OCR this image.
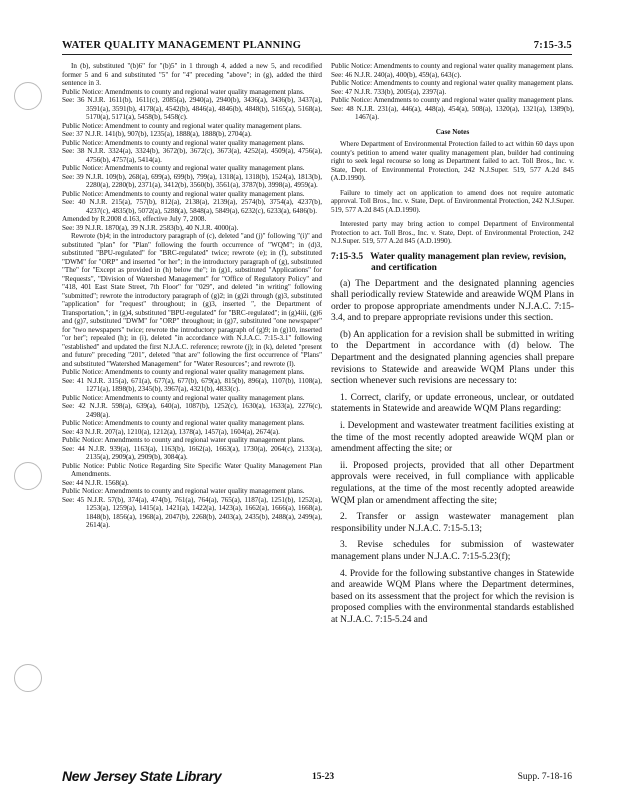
WATER QUALITY MANAGEMENT PLANNING	7:15-3.5

In (b), substituted "(b)6" for "(b)5" in 1 through 4, added a new 5, and recodified former 5 and 6 and substituted "5" for "4" preceding "above"; in (g), added the third sentence in 3.

Public Notice: Amendments to county and regional water quality management plans.

See: 36 N.J.R. 1611(b), 1611(c), 2085(a), 2940(a), 2940(b), 3436(a), 3436(b), 3437(a), 3591(a), 3591(b), 4178(a), 4542(b), 4846(a), 4846(b), 4848(b), 5165(a), 5168(a), 5170(a), 5171(a), 5458(b), 5458(c).

Public Notice: Amendment to county and regional water quality management plans.

See: 37 N.J.R. 141(b), 907(b), 1235(a), 1888(a), 1888(b), 2704(a).

Public Notice: Amendments to county and regional water quality management plans.

See: 38 N.J.R. 3324(a), 3324(b), 3672(b), 3672(c), 3673(a), 4252(a), 4509(a), 4756(a), 4756(b), 4757(a), 5414(a).

Public Notice: Amendments to county and regional water quality management plans.

See: 39 N.J.R. 109(b), 268(a), 699(a), 699(b), 799(a), 1318(a), 1318(b), 1524(a), 1813(b), 2280(a), 2280(b), 2371(a), 3412(b), 3560(b), 3561(a), 3787(b), 3998(a), 4959(a).

Public Notice: Amendments to county and regional water quality management plans.

See: 40 N.J.R. 215(a), 757(b), 812(a), 2138(a), 2139(a), 2574(b), 3754(a), 4237(b), 4237(c), 4835(b), 5072(a), 5288(a), 5848(a), 5849(a), 6232(c), 6233(a), 6486(b).

Amended by R.2008 d.163, effective July 7, 2008.

See: 39 N.J.R. 1870(a), 39 N.J.R. 2583(b), 40 N.J.R. 4000(a).

Rewrote (b)4; in the introductory paragraph of (c), deleted "and (j)" following "(i)" and substituted "plan" for "Plan" following the fourth occurrence of "WQM"; in (d)3, substituted "BPU-regulated" for "BRC-regulated" twice; rewrote (e); in (f), substituted "DWM" for "ORP" and inserted "or her"; in the introductory paragraph of (g), substituted "The" for "Except as provided in (h) below the"; in (g)1, substituted "Applications" for "Requests", "Division of Watershed Management" for "Office of Regulatory Policy" and "418, 401 East State Street, 7th Floor" for "029", and deleted "in writing" following "submitted"; rewrote the introductory paragraph of (g)2; in (g)2i through (g)3, substituted "application" for "request" throughout; in (g)3, inserted ", the Department of Transportation,"; in (g)4, substituted "BPU-regulated" for "BRC-regulated"; in (g)4iii, (g)6 and (g)7, substituted "DWM" for "ORP" throughout; in (g)7, substituted "one newspaper" for "two newspapers" twice; rewrote the introductory paragraph of (g)9; in (g)10, inserted "or her"; repealed (h); in (i), deleted "in accordance with N.J.A.C. 7:15-3.1" following "established" and updated the first N.J.A.C. reference; rewrote (j); in (k), deleted "present and future" preceding "201", deleted "that are" following the first occurrence of "Plans" and substituted "Watershed Management" for "Water Resources"; and rewrote (l).

Public Notice: Amendments to county and regional water quality management plans.

See: 41 N.J.R. 315(a), 671(a), 677(a), 677(b), 679(a), 815(b), 896(a), 1107(b), 1108(a), 1271(a), 1898(b), 2345(b), 3967(a), 4321(b), 4833(c).

Public Notice: Amendments to county and regional water quality management plans.

See: 42 N.J.R. 598(a), 639(a), 640(a), 1087(b), 1252(c), 1630(a), 1633(a), 2276(c), 2498(a).

Public Notice: Amendments to county and regional water quality management plans.

See: 43 N.J.R. 207(a), 1210(a), 1212(a), 1378(a), 1457(a), 1604(a), 2674(a).

Public Notice: Amendments to county and regional water quality management plans.

See: 44 N.J.R. 939(a), 1163(a), 1163(b), 1662(a), 1663(a), 1730(a), 2064(c), 2133(a), 2135(a), 2909(a), 2909(b), 3084(a).

Public Notice: Public Notice Regarding Site Specific Water Quality Management Plan Amendments.

See: 44 N.J.R. 1568(a).

Public Notice: Amendments to county and regional water quality management plans.

See: 45 N.J.R. 57(b), 374(a), 474(b), 761(a), 764(a), 765(a), 1187(a), 1251(b), 1252(a), 1253(a), 1259(a), 1415(a), 1421(a), 1422(a), 1423(a), 1662(a), 1666(a), 1668(a), 1848(b), 1856(a), 1968(a), 2047(b), 2268(b), 2403(a), 2435(b), 2488(a), 2499(a), 2614(a).

Public Notice: Amendments to county and regional water quality management plans.

See: 46 N.J.R. 240(a), 400(b), 459(a), 643(c).

Public Notice: Amendments to county and regional water quality management plans.

See: 47 N.J.R. 733(b), 2005(a), 2397(a).

Public Notice: Amendments to county and regional water quality management plans.

See: 48 N.J.R. 231(a), 446(a), 448(a), 454(a), 508(a), 1320(a), 1321(a), 1389(b), 1467(a).

Case Notes

Where Department of Environmental Protection failed to act within 60 days upon county's petition to amend water quality management plan, builder had continuing right to seek legal recourse so long as Department failed to act. Toll Bros., Inc. v. State, Dept. of Environmental Protection, 242 N.J.Super. 519, 577 A.2d 845 (A.D.1990).

Failure to timely act on application to amend does not require automatic approval. Toll Bros., Inc. v. State, Dept. of Environmental Protection, 242 N.J.Super. 519, 577 A.2d 845 (A.D.1990).

Interested party may bring action to compel Department of Environmental Protection to act. Toll Bros., Inc. v. State, Dept. of Environmental Protection, 242 N.J.Super. 519, 577 A.2d 845 (A.D.1990).

7:15-3.5 Water quality management plan review, revision, and certification

(a) The Department and the designated planning agencies shall periodically review Statewide and areawide WQM Plans in order to propose appropriate amendments under N.J.A.C. 7:15-3.4, and to prepare appropriate revisions under this section.

(b) An application for a revision shall be submitted in writing to the Department in accordance with (d) below. The Department and the designated planning agencies shall prepare revisions to Statewide and areawide WQM Plans under this section whenever such revisions are necessary to:

1. Correct, clarify, or update erroneous, unclear, or outdated statements in Statewide and areawide WQM Plans regarding:

i. Development and wastewater treatment facilities existing at the time of the most recently adopted areawide WQM plan or amendment affecting the site; or

ii. Proposed projects, provided that all other Department approvals were received, in full compliance with applicable regulations, at the time of the most recently adopted areawide WQM plan or amendment affecting the site;

2. Transfer or assign wastewater management plan responsibility under N.J.A.C. 7:15-5.13;

3. Revise schedules for submission of wastewater management plans under N.J.A.C. 7:15-5.23(f);

4. Provide for the following substantive changes in Statewide and areawide WQM Plans where the Department determines, based on its assessment that the project for which the revision is proposed complies with the environmental standards established at N.J.A.C. 7:15-5.24 and

New Jersey State Library	15-23	Supp. 7-18-16
